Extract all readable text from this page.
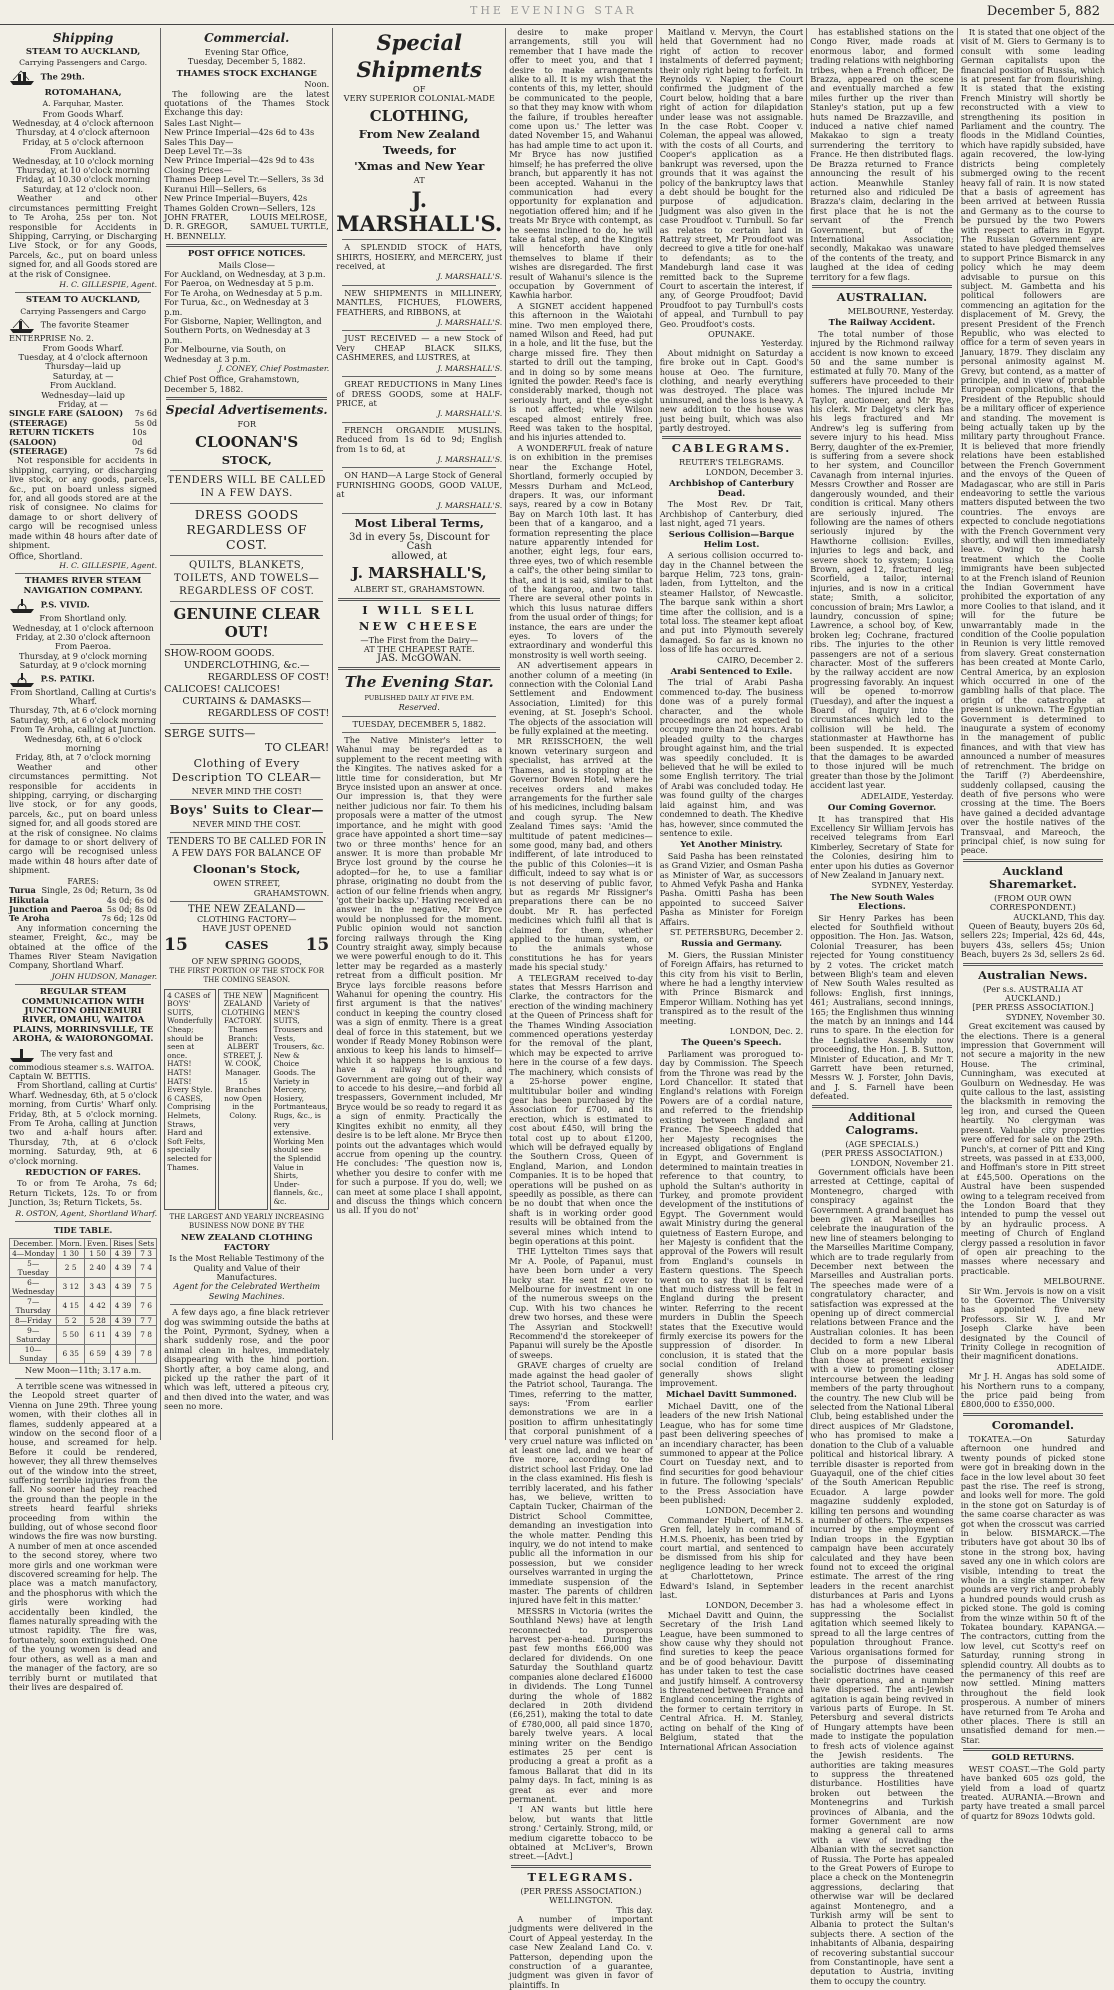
THE EVENING STAR	December 5, 882
Shipping
STEAM TO AUCKLAND,
Carrying Passengers and Cargo.
The 29th.
ROTOMAHANA,
A. Farquhar, Master.
From Goods Wharf.
Wednesday, at 4 o'clock afternoon
Thursday, at 4 o'clock afternoon
Friday, at 5 o'clock afternoon
From Auckland.
Wednesday, at 10 o'clock morning
Thursday, at 10 o'clock morning
Friday, at 10.30 o'clock morning
Saturday, at 12 o'clock noon.

Weather and other circumstances permitting Freight to Te Aroha, 25s per ton. Not responsible for Accidents in Shipping, Carrying, or Discharging Live Stock, or for any Goods, Parcels, &c., put on board unless signed for, and all Goods stored are at the risk of Consignee.

H. C. GILLESPIE, Agent.
STEAM TO AUCKLAND,
Carrying Passengers and Cargo
The favorite Steamer ENTERPRISE No. 2.
From Goods Wharf.
Tuesday, at 4 o'clock afternoon
Thursday—laid up
Saturday, at —
From Auckland.
Wednesday—laid up
Friday, at —
SINGLE FARE (SALOON) 7s 6d
(STEERAGE)	5s 0d
RETURN TICKETS (SALOON)
10s 0d
(STEERAGE)	7s 6d

Not responsible for accidents in shipping, carrying, or discharging live stock, or any goods, parcels, &c., put on board unless signed for, and all goods stored are at the risk of consignee. No claims for damage to or short delivery of cargo will be recognised unless made within 48 hours after date of shipment.

Office, Shortland.
H. C. GILLESPIE, Agent.
THAMES RIVER STEAM NAVIGATION COMPANY.
P.S. VIVID.
From Shortland only.
Wednesday, at 1 o'clock afternoon
Friday, at 2.30 o'clock afternoon
From Paeroa.
Thursday, at 9 o'clock morning
Saturday, at 9 o'clock morning
P.S. PATIKI.
From Shortland, Calling at Curtis's Wharf.
Thursday, 7th, at 6 o'clock morning
Saturday, 9th, at 6 o'clock morning
From Te Aroha, calling at Junction.
Wednesday, 6th, at 6 o'clock morning
Friday, 8th, at 7 o'clock morning

Weather and other circumstances permitting. Not responsible for accidents in shipping, carrying, or discharging live stock, or for any goods, parcels, &c., put on board unless signed for, and all goods stored are at the risk of consignee. No claims for damage to or short delivery of cargo will be recognised unless made within 48 hours after date of shipment.

FARES:
Turua Single, 2s 0d; Return, 3s 0d
Hikutaia	4s 0d; 6s 0d
Junction and Paeroa 5s 0d; 8s 0d
Te Aroha	7s 6d; 12s 0d

Any information concerning the steamer, Freight, &c., may be obtained at the office of the Thames River Steam Navigation Company, Shortland Wharf.

JOHN HUDSON, Manager.
REGULAR STEAM COMMUNICATION WITH JUNCTION OHINEMURI RIVER, OMAHU, WAITOA PLAINS, MORRINSVILLE, TE AROHA, & WAIORONGOMAI.
The very fast and commodious steamer s.s. WAITOA. Captain W. BETTIS.

From Shortland, calling at Curtis' Wharf. Wednesday, 6th, at 5 o'clock morning, from Curtis' Wharf only. Friday, 8th, at 5 o'clock morning. From Te Aroha, calling at Junction two and a-half hours after. Thursday, 7th, at 6 o'clock morning. Saturday, 9th, at 6 o'clock morning.

REDUCTION OF FARES.

To or from Te Aroha, 7s 6d; Return Tickets, 12s. To or from Junction, 3s; Return Tickets, 5s.

R. OSTON, Agent, Shortland Wharf.
TIDE TABLE.
December.	Morn.	Even.	Rises	Sets
4—Monday	1 30	1 50	4 39	7 3
5—Tuesday	2 5	2 40	4 39	7 4
6—Wednesday	3 12	3 43	4 39	7 5
7—Thursday	4 15	4 42	4 39	7 6
8—Friday	5 2	5 28	4 39	7 7
9—Saturday	5 50	6 11	4 39	7 8
10—Sunday	6 35	6 59	4 39	7 8
New Moon—11th; 3.17 a.m.

A terrible scene was witnessed in the Leopold street quarter of Vienna on June 29th. Three young women, with their clothes all in flames, suddenly appeared at a window on the second floor of a house, and screamed for help. Before it could be rendered, however, they all threw themselves out of the window into the street, suffering terrible injuries from the fall. No sooner had they reached the ground than the people in the streets heard fearful shrieks proceeding from within the building, out of whose second floor windows the fire was now bursting. A number of men at once ascended to the second storey, where two more girls and one workman were discovered screaming for help. The place was a match manufactory, and the phosphorus with which the girls were working had accidentally been kindled, the flames naturally spreading with the utmost rapidity. The fire was, fortunately, soon extinguished. One of the young women is dead and four others, as well as a man and the manager of the factory, are so terribly burnt or mutilated that their lives are despaired of.

Commercial.
Evening Star Office,
Tuesday, December 5, 1882.
THAMES STOCK EXCHANGE
Noon.

The following are the latest quotations of the Thames Stock Exchange this day:

Sales Last Night—
New Prince Imperial—42s 6d to 43s
Sales This Day—
Deep Level Tr.—3s
New Prince Imperial—42s 9d to 43s
Closing Prices—
Thames Deep Level Tr.—Sellers, 3s 3d
Kuranui Hill—Sellers, 6s
New Prince Imperial—Buyers, 42s
Thames Golden Crown—Sellers, 12s
JOHN FRATER,	LOUIS MELROSE,
D. R. GREGOR,	SAMUEL TURTLE,
H. BENNELLY.
POST OFFICE NOTICES.
Mails Close—
For Auckland, on Wednesday, at 3 p.m.
For Paeroa, on Wednesday at 5 p.m.
For Te Aroha, on Wednesday at 5 p.m.
For Turua, &c., on Wednesday at 3 p.m.
For Gisborne, Napier, Wellington, and Southern Ports, on Wednesday at 3 p.m.
For Melbourne, via South, on Wednesday at 3 p.m.
J. CONEY, Chief Postmaster.
Chief Post Office, Grahamstown, December 5, 1882.
Special Advertisements.
FOR
CLOONAN'S
STOCK,
TENDERS WILL BE CALLED IN A FEW DAYS.
DRESS GOODS REGARDLESS OF COST.
QUILTS, BLANKETS, TOILETS, AND TOWELS—REGARDLESS OF COST.
GENUINE CLEAR OUT!
SHOW-ROOM GOODS.
UNDERCLOTHING, &c.—
REGARDLESS OF COST!
CALICOES! CALICOES!
CURTAINS & DAMASKS—
REGARDLESS OF COST!
SERGE SUITS—
TO CLEAR!
Clothing of Every Description TO CLEAR—
NEVER MIND THE COST!
Boys' Suits to Clear—
NEVER MIND THE COST.
TENDERS TO BE CALLED FOR IN A FEW DAYS FOR BALANCE OF
Cloonan's Stock,
OWEN STREET,
GRAHAMSTOWN.
THE NEW ZEALAND—
CLOTHING FACTORY—
HAVE JUST OPENED
15	CASES 15
OF NEW SPRING GOODS,
THE FIRST PORTION OF THE STOCK FOR THE COMING SEASON.
4 CASES of BOYS' SUITS, Wonderfully Cheap; should be seen at once. HATS! HATS! HATS! Every Style. 6 CASES, Comprising Helmets, Straws, Hard and Soft Felts, specially selected for Thames.
THE NEW ZEALAND CLOTHING FACTORY. Thames Branch: ALBERT STREET, J. W. COOK, Manager. 15 Branches now Open in the Colony.
Magnificent Variety of MEN'S SUITS, Trousers and Vests, Trousers, &c. New & Choice Goods. The Variety in Mercery, Hosiery, Portmanteaus, Rugs, &c., is very extensive. Working Men should see the Splendid Value in Shirts, Under-flannels, &c., &c.
THE LARGEST AND YEARLY INCREASING BUSINESS NOW DONE BY THE
NEW ZEALAND CLOTHING FACTORY
Is the Most Reliable Testimony of the Quality and Value of their Manufactures.
Agent for the Celebrated Wertheim Sewing Machines.

A few days ago, a fine black retriever dog was swimming outside the baths at the Point, Pyrmont, Sydney, when a shark suddenly rose, and the poor animal clean in halves, immediately disappearing with the hind portion. Shortly after, a boy came along, and picked up the rather the part of it which was left, uttered a piteous cry, and then dived into the water, and was seen no more.

Special
Shipments
OF
VERY SUPERIOR COLONIAL-MADE
CLOTHING,
From New Zealand
Tweeds, for
'Xmas and New Year
AT
J. MARSHALL'S.

A SPLENDID STOCK of HATS, SHIRTS, HOSIERY, and MERCERY, just received, at

J. MARSHALL'S.

NEW SHIPMENTS in MILLINERY, MANTLES, FICHUES, FLOWERS, FEATHERS, and RIBBONS, at

J. MARSHALL'S.

JUST RECEIVED — a new Stock of Very CHEAP BLACK SILKS, CASHMERES, and LUSTRES, at

J. MARSHALL'S.

GREAT REDUCTIONS in Many Lines of DRESS GOODS, some at HALF-PRICE, at

J. MARSHALL'S.

FRENCH ORGANDIE MUSLINS. Reduced from 1s 6d to 9d; English from 1s to 6d, at

J. MARSHALL'S.

ON HAND—A Large Stock of General FURNISHING GOODS, GOOD VALUE, at

J. MARSHALL'S.
Most Liberal Terms,
3d in every 5s, Discount for Cash
allowed, at
J. MARSHALL'S,
ALBERT ST., GRAHAMSTOWN.
I WILL SELL
NEW CHEESE
—The First from the Dairy—
AT THE CHEAPEST RATE.
JAS. McGOWAN.
The Evening Star.
PUBLISHED DAILY AT FIVE P.M.
Reserved.
TUESDAY, DECEMBER 5, 1882.

The Native Minister's letter to Wahanui may be regarded as a supplement to the recent meeting with the Kingites. The natives asked for a little time for consideration, but Mr Bryce insisted upon an answer at once. Our impression is, that they were neither judicious nor fair. To them his proposals were a matter of the utmost importance, and he might with good grace have appointed a short time—say two or three months' hence for an answer. It is more than probable Mr Bryce lost ground by the course he adopted—for he, to use a familiar phrase, originating no doubt from the action of our feline friends when angry, 'got their backs up.' Having received an answer in the negative, Mr Bryce would be nonplussed for the moment. Public opinion would not sanction forcing railways through the King Country straight away, simply because we were powerful enough to do it. This letter may be regarded as a masterly retreat from a difficult position. Mr Bryce lays forcible reasons before Wahanui for opening the country. His first argument is that the natives' conduct in keeping the country closed was a sign of enmity. There is a great deal of force in this statement, but we wonder if Ready Money Robinson were anxious to keep his lands to himself—which it so happens he is anxious to have a railway through, and Government are going out of their way to accede to his desire,—and forbid all trespassers, Government included, Mr Bryce would be so ready to regard it as a sign of enmity. Practically the Kingites exhibit no enmity, all they desire is to be left alone. Mr Bryce then points out the advantages which would accrue from opening up the country. He concludes: 'The question now is, whether you desire to confer with me for such a purpose. If you do, well; we can meet at some place I shall appoint, and discuss the things which concern us all. If you do not'

desire to make proper arrangements, still you will remember that I have made the offer to meet you, and that I desire to make arrangements alike to all. It is my wish that the contents of this, my letter, should be communicated to the people, so that they may know with whom the failure, if troubles hereafter come upon us.' The letter was dated November 15, and Wahanui has had ample time to act upon it. Mr Bryce has now justified himself; he has preferred the olive branch, but apparently it has not been accepted. Wahanui in the communication had every opportunity for explanation and negotiation offered him; and if he treats Mr Bryce with contempt, as he seems inclined to do, he will take a fatal step, and the Kingites will henceforth have only themselves to blame if their wishes are disregarded. The first result of Wahanui's silence is the occupation by Government of Kawhia harbor.

A SIGNET accident happened this afternoon in the Waiotahi mine. Two men employed there, named Wilson and Reed, had put in a hole, and lit the fuse, but the charge missed fire. They then started to drill out the tamping, and in doing so by some means ignited the powder. Reed's face is considerably marked, though not seriously hurt, and the eye-sight is not affected; while Wilson escaped almost entirely free. Reed was taken to the hospital, and his injuries attended to.

A WONDERFUL freak of nature is on exhibition in the premises near the Exchange Hotel, Shortland, formerly occupied by Messrs Durham and McLeod, drapers. It was, our informant says, reared by a cow in Botany Bay on March 10th last. It has been that of a kangaroo, and a formation representing the place nature apparently intended for another, eight legs, four ears, three eyes, two of which resemble a calf's, the other being similar to that, and it is said, similar to that of the kangaroo, and two tails. There are several other points in which this lusus naturae differs from the usual order of things; for instance, the ears are under the eyes. To lovers of the extraordinary and wonderful this monstrosity is well worth seeing.

AN advertisement appears in another column of a meeting (in connection with the Colonial Land Settlement and Endowment Association, Limited) for this evening, at St. Joseph's School. The objects of the association will be fully explained at the meeting.

MR REISSCHOEN, the well known veterinary surgeon and specialist, has arrived at the Thames, and is stopping at the Governor Bowen Hotel, where he receives orders and makes arrangements for the further sale of his medicines, including balsam and cough syrup. The New Zealand Times says: 'Amid the multitude of patent medicines—some good, many bad, and others indifferent, of late introduced to the public of this Colonies—it is difficult, indeed to say what is or is not deserving of public favor, but as regards Mr Rissigner's preparations there can be no doubt. Mr R. has perfected medicines which fulfil all that is claimed for them, whether applied to the human system, or to the animals whose constitutions he has for years made his special study.'

A TELEGRAM received to-day states that Messrs Harrison and Clarke, the contractors for the erection of the winding machinery at the Queen of Princess shaft for the Thames Winding Association commenced operations yesterday for the removal of the plant, which may be expected to arrive here in the course of a few days. The machinery, which consists of a 25-horse power engine, multitubular boiler and winding gear has been purchased by the Association for £700, and its erection, which is estimated to cost about £450, will bring the total cost up to about £1200, which will be defrayed equally by the Southern Cross, Queen of England, Marion, and London Companies. It is to be hoped that operations will be pushed on as speedily as possible, as there can be no doubt that when once the shaft is in working order good results will be obtained from the several mines which intend to begin operations at this point.

THE Lyttelton Times says that Mr A. Poole, of Papanui, must have been born under a very lucky star. He sent £2 over to Melbourne for investment in one of the numerous sweeps on the Cup. With his two chances he drew two horses, and these were The Assyrian and Stockwell! Recommend'd the storekeeper of Papanui will surely be the Apostle of sweeps.

GRAVE charges of cruelty are made against the head gaoler of the Patriot school, Tauranga. The Times, referring to the matter, says: 'From earlier demonstrations we are in a position to affirm unhesitatingly that corporal punishment of a very cruel nature was inflicted on at least one lad, and we hear of five more, according to the district school last Friday. One lad in the class examined. His flesh is terribly lacerated, and his father has, we believe, written to Captain Tucker, Chairman of the District School Committee, demanding an investigation into the whole matter. Pending this inquiry, we do not intend to make public all the information in our possession, but we consider ourselves warranted in urging the immediate suspension of the master. The parents of children injured have felt in this matter.'

MESSRS in Victoria (writes the Southland News) have at length reconnected to prosperous harvest per-a-head. During the past few months £66,000 was declared for dividends. On one Saturday the Southland quartz companies alone declared £16000 in dividends. The Long Tunnel during the whole of 1882 declared in 20th dividend (£6,251), making the total to date of £780,000, all paid since 1870, barely twelve years. A local mining writer on the Bendigo estimates 25 per cent is producing a great a profit as a famous Ballarat that did in its palmy days. In fact, mining is as great as ever and more permanent.

'I AN wants but little here below, but wants that little strong.' Certainly. Strong, mild, or medium cigarette tobacco to be obtained at McLiver's, Brown street.—[Advt.]

TELEGRAMS.
(PER PRESS ASSOCIATION.)
WELLINGTON.
This day.

A number of important judgments were delivered in the Court of Appeal yesterday. In the case New Zealand Land Co. v. Patterson, depending upon the construction of a guarantee, judgment was given in favor of plaintiffs. In

Maitland v. Mervyn, the Court held that Government had no right of action to recover instalments of deferred payment; their only right being to forfeit. In Reynolds v. Napier, the Court confirmed the judgment of the Court below, holding that a bare right of action for dilapidation under lease was not assignable. In the case Robt. Cooper v. Coleman, the appeal was allowed, with the costs of all Courts, and Cooper's application as a bankrupt was reversed, upon the grounds that it was against the policy of the bankruptcy laws that a debt should be bought for the purpose of adjudication. Judgment was also given in the case Proudfoot v. Turnbull. So far as relates to certain land in Rattray street, Mr Proudfoot was decreed to give a title for one-half to defendants; as to the Mandeburgh land case it was remitted back to the Supreme Court to ascertain the interest, if any, of George Proudfoot; David Proudfoot to pay Turnbull's costs of appeal, and Turnbull to pay Geo. Proudfoot's costs.

OPUNAKE.
Yesterday.

About midnight on Saturday a fire broke out in Capt. Good's house at Oeo. The furniture, clothing, and nearly everything was destroyed. The place was uninsured, and the loss is heavy. A new addition to the house was just being built, which was also partly destroyed.

CABLEGRAMS.
REUTER'S TELEGRAMS.
LONDON, December 3.
Archbishop of Canterbury Dead.

The Most Rev. Dr Tait, Archbishop of Canterbury, died last night, aged 71 years.

Serious Collision—Barque Helim Lost.

A serious collision occurred to-day in the Channel between the barque Helim, 723 tons, grain-laden, from Lyttelton, and the steamer Hailstor, of Newcastle. The barque sank within a short time after the collision, and is a total loss. The steamer kept afloat and put into Plymouth severely damaged. So far as is known no loss of life has occurred.

CAIRO, December 2.
Arabi Sentenced to Exile.

The trial of Arabi Pasha commenced to-day. The business done was of a purely formal character, and the whole proceedings are not expected to occupy more than 24 hours. Arabi pleaded guilty to the charges brought against him, and the trial was speedily concluded. It is believed that he will be exiled to some English territory. The trial of Arabi was concluded today. He was found guilty of the charges laid against him, and was condemned to death. The Khedive has, however, since commuted the sentence to exile.

Yet Another Ministry.

Said Pasha has been reinstated as Grand Vizier, and Osman Pasha as Minister of War, as successors to Ahmed Vefyk Pasha and Hanka Pasha. Omitti Pasha has been appointed to succeed Saiver Pasha as Minister for Foreign Affairs.

ST. PETERSBURG, December 2.
Russia and Germany.

M. Giers, the Russian Minister of Foreign Affairs, has returned to this city from his visit to Berlin, where he had a lengthy interview with Prince Bismarck and Emperor William. Nothing has yet transpired as to the result of the meeting.

LONDON, Dec. 2.
The Queen's Speech.

Parliament was prorogued to-day by Commission. The Speech from the Throne was read by the Lord Chancellor. It stated that England's relations with Foreign Powers are of a cordial nature, and referred to the friendship existing between England and France. The Speech added that her Majesty recognises the increased obligations of England in Egypt, and Government is determined to maintain treaties in reference to that country, to uphold the Sultan's authority in Turkey, and promote provident development of the institutions of Egypt. The Government would await Ministry during the general quietness of Eastern Europe, and her Majesty is confident that the approval of the Powers will result from England's counsels in Eastern questions. The Speech went on to say that it is feared that much distress will be felt in England during the present winter. Referring to the recent murders in Dublin the Speech states that the Executive would firmly exercise its powers for the suppression of disorder. In conclusion, it is stated that the social condition of Ireland generally shows slight improvement.

Michael Davitt Summoned.

Michael Davitt, one of the leaders of the new Irish National League, who has for some time past been delivering speeches of an incendiary character, has been summoned to appear at the Police Court on Tuesday next, and to find securities for good behaviour in future. The following 'specials' to the Press Association have been published:

LONDON, December 2.

Commander Hubert, of H.M.S. Gren fell, lately in command of H.M.S. Phoenix, has been tried by court martial, and sentenced to be dismissed from his ship for negligence leading to her wreck at Charlottetown, Prince Edward's Island, in September last.

LONDON, December 3.

Michael Davitt and Quinn, the Secretary of the Irish Land League, have been summoned to show cause why they should not find sureties to keep the peace and be of good behaviour. Davitt has under taken to test the case and justify himself. A controversy is threatened between France and England concerning the rights of the former to certain territory in Central Africa. H. M. Stanley, acting on behalf of the King of Belgium, stated that the International African Association

has established stations on the Congo River, made roads at enormous labor, and formed trading relations with neighboring tribes, when a French officer, De Brazza, appeared on the scene and eventually marched a few miles further up the river than Stanley's station, put up a few huts named De Brazzaville, and induced a native chief named Makakao to sign a treaty surrendering the territory to France. He then distributed flags. De Brazza returned to France announcing the result of his action. Meanwhile Stanley returned also and ridiculed De Brazza's claim, declaring in the first place that he is not the servant of the French Government, but of the International Association; secondly, Makakao was unaware of the contents of the treaty, and laughed at the idea of ceding territory for a few flags.

AUSTRALIAN.
MELBOURNE, Yesterday.
The Railway Accident.

The total number of those injured by the Richmond railway accident is now known to exceed 50 and the same number is estimated at fully 70. Many of the sufferers have proceeded to their homes. The injured include Mr Taylor, auctioneer, and Mr Rye, his clerk. Mr Dalgety's clerk has his legs fractured and Mr Andrew's leg is suffering from severe injury to his head. Miss Berry, daughter of the ex-Premier, is suffering from a severe shock to her system, and Councillor Cavanagh from internal injuries. Messrs Crowther and Rosser are dangerously wounded, and their condition is critical. Many others are seriously injured. The following are the names of others seriously injured by the Hawthorne collision: Evilles, injuries to legs and back, and severe shock to system; Louisa Brown, aged 12, fractured leg; Scorfield, a tailor, internal injuries, and is now in a critical state; Smith, a solicitor, concussion of brain; Mrs Lawlor, a laundry, concussion of spine; Lawrence, a school boy, of Kew, broken leg; Cochrane, fractured ribs. The injuries to the other passengers are not of a serious character. Most of the sufferers by the railway accident are now progressing favorably. An inquest will be opened to-morrow (Tuesday), and after the inquest a Board of Inquiry into the circumstances which led to the collision will be held. The stationmaster at Hawthorne has been suspended. It is expected that the damages to be awarded to those injured will be much greater than those by the Jolimont accident last year.

ADELAIDE, Yesterday.
Our Coming Governor.

It has transpired that His Excellency Sir William Jervois has received telegrams from Earl Kimberley, Secretary of State for the Colonies, desiring him to enter upon his duties as Governor of New Zealand in January next.

SYDNEY, Yesterday.
The New South Wales Elections.

Sir Henry Parkes has been elected for Southfield without opposition. The Hon. Jas. Watson, Colonial Treasurer, has been rejected for Young constituency by 2 votes. The cricket match between Bligh's team and eleven of New South Wales resulted as follows: English, first innings, 461; Australians, second innings, 165; the Englishmen thus winning the match by an innings and 144 runs to spare. In the election for the Legislative Assembly now proceeding, the Hon. J. B. Sutton, Minister of Education, and Mr T. Garrett have been returned, Messrs W. J. Forster, John Davis, and J. S. Farnell have been defeated.

Additional Calograms.
(AGE SPECIALS.)
(PER PRESS ASSOCIATION.)
LONDON, November 21.

Government officials have been arrested at Cettinge, capital of Montenegro, charged with conspiracy against the Government. A grand banquet has been given at Marseilles to celebrate the inauguration of the new line of steamers belonging to the Marseilles Maritime Company, which are to trade regularly from December next between the Marseilles and Australian ports. The speeches made were of a congratulatory character, and satisfaction was expressed at the opening up of direct commercial relations between France and the Australian colonies. It has been decided to form a new Liberal Club on a more popular basis than those at present existing with a view to promoting closer intercourse between the leading members of the party throughout the country. The new Club will be selected from the National Liberal Club, being established under the direct auspices of Mr Gladstone, who has promised to make a donation to the Club of a valuable political and historical library. A terrible disaster is reported from Guayaquil, one of the chief cities of the South American Republic Ecuador. A large powder magazine suddenly exploded, killing ten persons and wounding a number of others. The expenses incurred by the employment of Indian troops in the Egyptian campaign have been accurately calculated and they have been found not to exceed the original estimate. The arrest of the ring leaders in the recent anarchist disturbances at Paris and Lyons has had a wholesome effect in suppressing the Socialist agitation which seemed likely to spread to all the large centres of population throughout France. Various organisations formed for the purpose of disseminating socialistic doctrines have ceased their operations, and a number have dispersed. The anti-Jewish agitation is again being revived in various parts of Europe. In St. Petersburg and several districts of Hungary attempts have been made to instigate the population to fresh acts of violence against the Jewish residents. The authorities are taking measures to suppress the threatened disturbance. Hostilities have broken out between the Montenegrins and Turkish provinces of Albania, and the former Government are now making a general call to arms with a view of invading the Albanian with the secret sanction of Russia. The Porte has appealed to the Great Powers of Europe to place a check on the Montenegrin aggressions, declaring that otherwise war will be declared against Montenegro, and a Turkish army will be sent to Albania to protect the Sultan's subjects there. A section of the inhabitants of Albania, despairing of recovering substantial succour from Constantinople, have sent a deputation to Austria, inviting them to occupy the country.

It is stated that one object of the visit of M. Giers to Germany is to consult with some leading German capitalists upon the financial position of Russia, which is at present far from flourishing. It is stated that the existing French Ministry will shortly be reconstructed with a view to strengthening its position in Parliament and the country. The floods in the Midland Counties, which have rapidly subsided, have again recovered, the low-lying districts being completely submerged owing to the recent heavy fall of rain. It is now stated that a basis of agreement has been arrived at between Russia and Germany as to the course to be pursued by the two Powers with respect to affairs in Egypt. The Russian Government are stated to have pledged themselves to support Prince Bismarck in any policy which he may deem advisable to pursue on this subject. M. Gambetta and his political followers are commencing an agitation for the displacement of M. Grevy, the present President of the French Republic, who was elected to office for a term of seven years in January, 1879. They disclaim any personal animosity against M. Grevy, but contend, as a matter of principle, and in view of probable European complications, that the President of the Republic should be a military officer of experience and standing. The movement is being actually taken up by the military party throughout France. It is believed that more friendly relations have been established between the French Government and the envoys of the Queen of Madagascar, who are still in Paris endeavoring to settle the various matters disputed between the two countries. The envoys are expected to conclude negotiations with the French Government very shortly, and will then immediately leave. Owing to the harsh treatment which the Coolie immigrants have been subjected to at the French island of Reunion the Indian Government have prohibited the exportation of any more Coolies to that island, and it will for the future be unwarrantably made in the condition of the Coolie population in Reunion is very little removed from slavery. Great consternation has been created at Monte Carlo, Central America, by an explosion which occurred in one of the gambling halls of that place. The origin of the catastrophe at present is unknown. The Egyptian Government is determined to inaugurate a system of economy in the management of public finances, and with that view has announced a number of measures of retrenchment. The bridge on the Tariff (?) Aberdeenshire, suddenly collapsed, causing the death of five persons who were crossing at the time. The Boers have gained a decided advantage over the hostile natives of the Transvaal, and Mareoch, the principal chief, is now suing for peace.

Auckland Sharemarket.
(FROM OUR OWN CORRESPONDENT.)
AUCKLAND, This day.

Queen of Beauty, buyers 20s 6d, sellers 22s; Imperial, 42s 6d, 44s, buyers 43s, sellers 45s; Union Beach, buyers 2s 3d, sellers 2s 6d.

Australian News.
(Per s.s. AUSTRALIA AT AUCKLAND.)
[PER PRESS ASSOCIATION.]
SYDNEY, November 30.

Great excitement was caused by the elections. There is a general impression that Government will not secure a majority in the new House. The criminal, Cunningham, was executed at Goulburn on Wednesday. He was quite callous to the last, assisting the blacksmith in removing the leg iron, and cursed the Queen heartily. No clergyman was present. Valuable city properties were offered for sale on the 29th. Punch's, at corner of Pitt and King streets, was passed in at £33,000, and Hoffman's store in Pitt street at £45,500. Operations on the Austral have been suspended owing to a telegram received from the London Board that they intended to pump the vessel out by an hydraulic process. A meeting of Church of England clergy passed a resolution in favor of open air preaching to the masses where necessary and practicable.

MELBOURNE.

Sir Wm. Jervois is now on a visit to the Governor. The University has appointed five new Professors. Sir W. J. and Mr Joseph Clarke have been designated by the Council of Trinity College in recognition of their magnificent donations.

ADELAIDE.

Mr J. H. Angas has sold some of his Northern runs to a company, the price paid being from £800,000 to £350,000.

Coromandel.

TOKATEA.—On Saturday afternoon one hundred and twenty pounds of picked stone were got in breaking down in the face in the low level about 30 feet past the rise. The reef is strong, and looks well for more. The gold in the stone got on Saturday is of the same coarse character as was got when the crosscut was carried in below. BISMARCK.—The tributers have got about 30 lbs of stone in the strong box, having saved any one in which colors are visible, intending to treat the whole in a single stamper. A few pounds are very rich and probably a hundred pounds would crush as picked stone. The gold is coming from the winze within 50 ft of the Tokatea boundary. KAPANGA.—The contractors, cutting from the low level, cut Scotty's reef on Saturday, running strong in splendid country. All doubts as to the permanency of this reef are now settled. Mining matters throughout the field look prosperous. A number of miners have returned from Te Aroha and other places. There is still an unsatisfied demand for men.—Star.

GOLD RETURNS.

WEST COAST.—The Gold party have banked 605 ozs gold, the yield from a load of quartz treated. AURANIA.—Brown and party have treated a small parcel of quartz for 89ozs 10dwts gold.
